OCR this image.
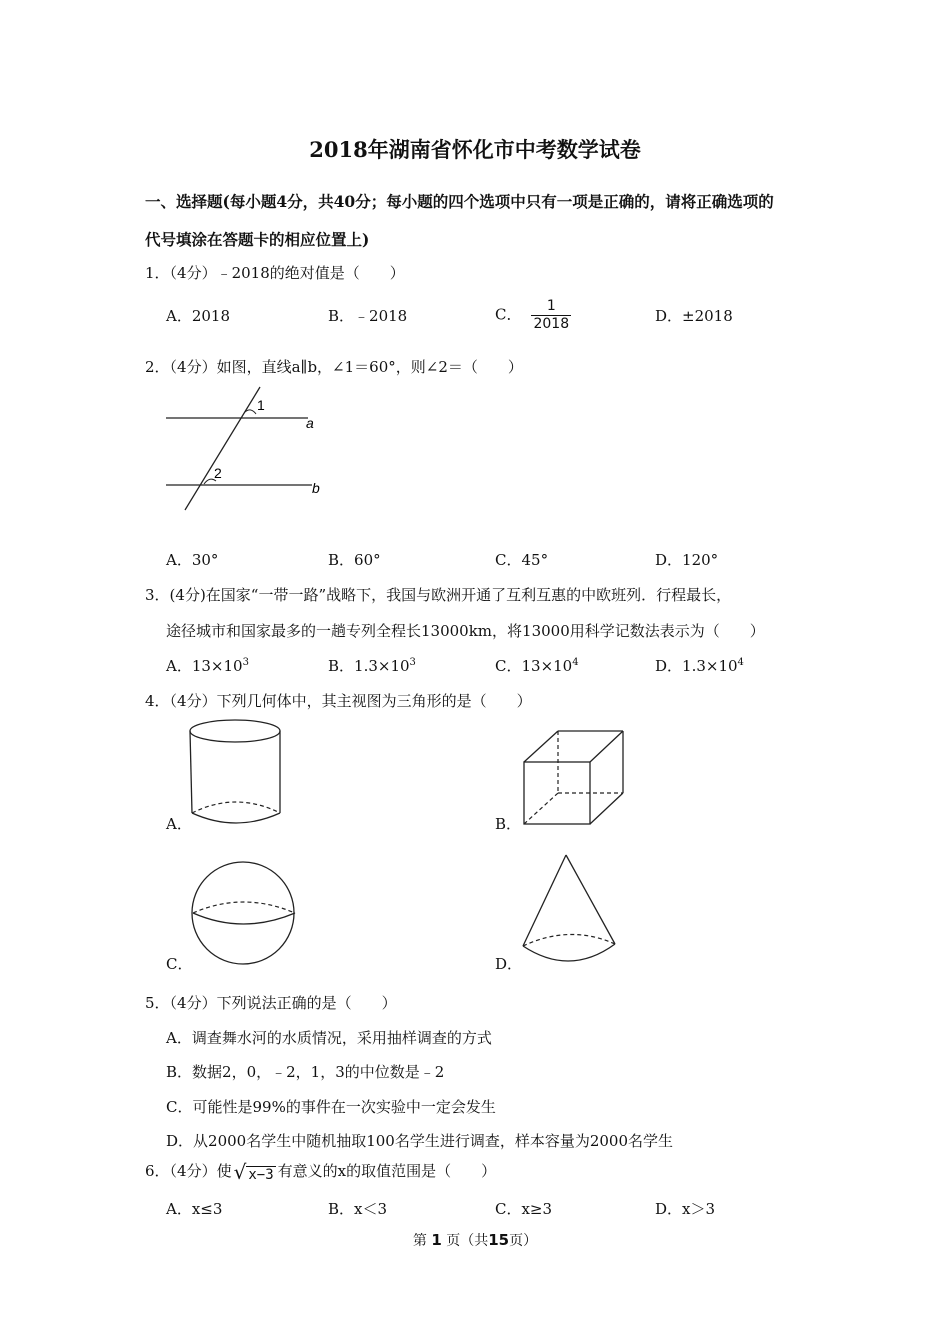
2018年湖南省怀化市中考数学试卷
一、选择题(每小题4分，共40分；每小题的四个选项中只有一项是正确的，请将正确选项的
代号填涂在答题卡的相应位置上)
1．（4分）﹣2018的绝对值是（　　）
A．2018	B．﹣2018	C． $\frac{1}{2018}$	D．±2018
2．（4分）如图，直线a∥b，∠1＝60°，则∠2＝（　　）
1
a
2
b
A．30°	B．60°	C．45°	D．120°
3．(4分)在国家“一带一路”战略下，我国与欧洲开通了互利互惠的中欧班列．行程最长，
途径城市和国家最多的一趟专列全程长13000km，将13000用科学记数法表示为（　　）
A．$13\times 10^3$	B．$1.3\times 10^3$	C．$13\times 10^4$	D．$1.3\times 10^4$
4．（4分）下列几何体中，其主视图为三角形的是（　　）
A．	B．
C．	D．
5．（4分）下列说法正确的是（　　）
A．调查舞水河的水质情况，采用抽样调查的方式
B．数据2，0，﹣2，1，3的中位数是﹣2
C．可能性是99%的事件在一次实验中一定会发生
D．从2000名学生中随机抽取100名学生进行调查，样本容量为2000名学生
6．（4分）使 √ x−3 有意义的x的取值范围是（　　）
A．x≤3	B．x＜3	C．x≥3	D．x＞3
第 1 页（共15页）
